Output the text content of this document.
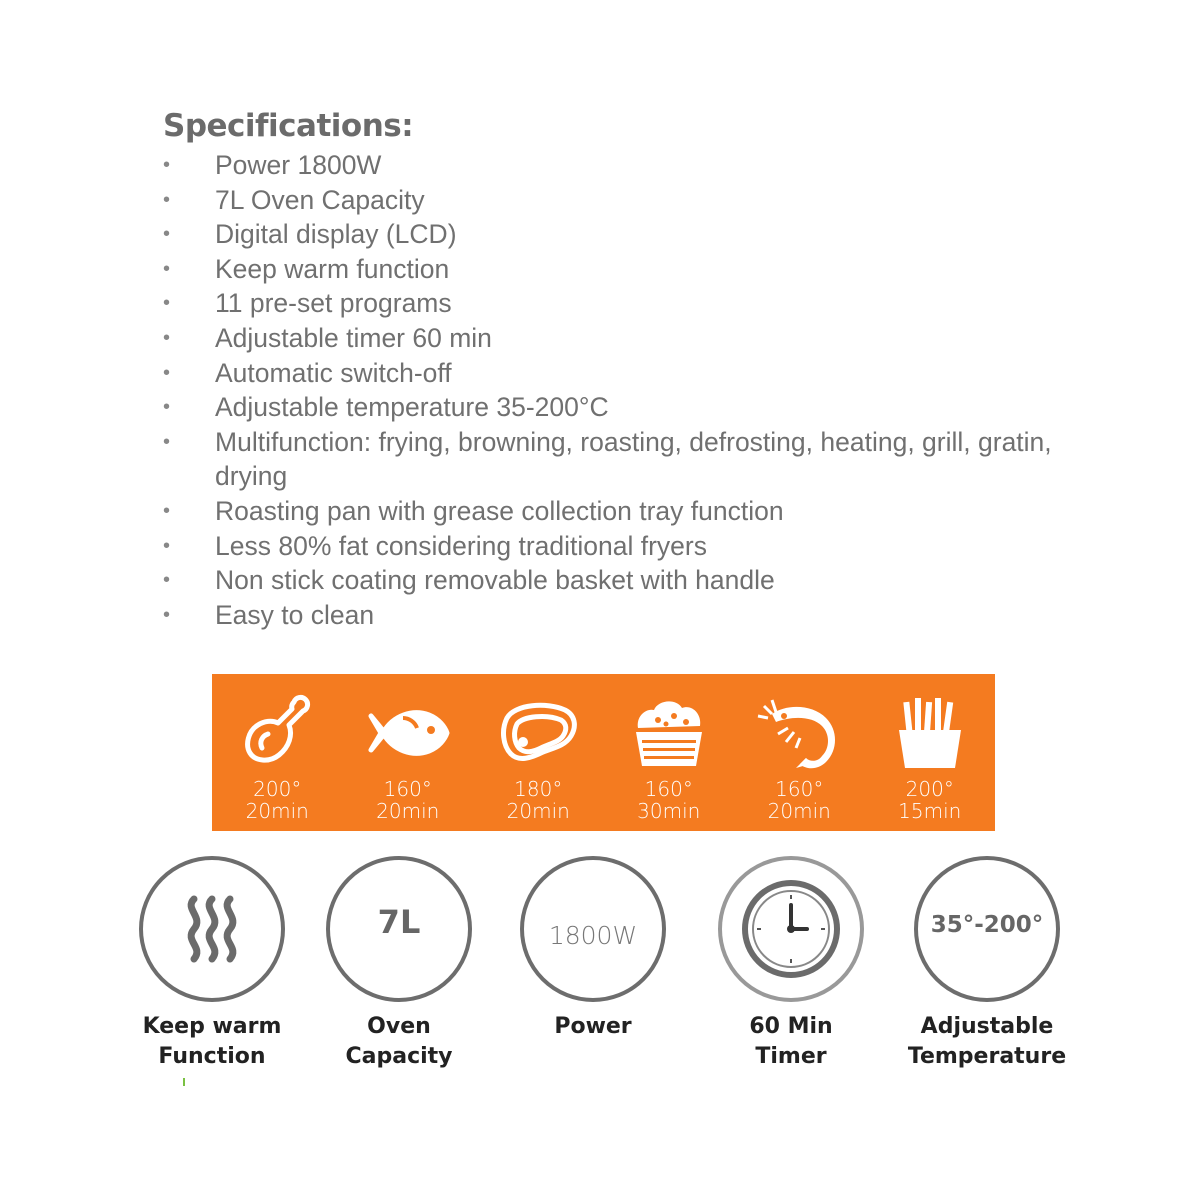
Specifications:
• Power 1800W
• 7L Oven Capacity
• Digital display (LCD)
• Keep warm function
• 11 pre-set programs
• Adjustable timer 60 min
• Automatic switch-off
• Adjustable temperature 35-200°C
• Multifunction: frying, browning, roasting, defrosting, heating, grill, gratin, drying
• Roasting pan with grease collection tray function
• Less 80% fat considering traditional fryers
• Non stick coating removable basket with handle
• Easy to clean
200°
20min
160°
20min
180°
20min
160°
30min
160°
20min
200°
15min
Keep warm
Function
7L
Oven
Capacity
1800W
Power	60 Min
Timer
35°-200°
Adjustable
Temperature
